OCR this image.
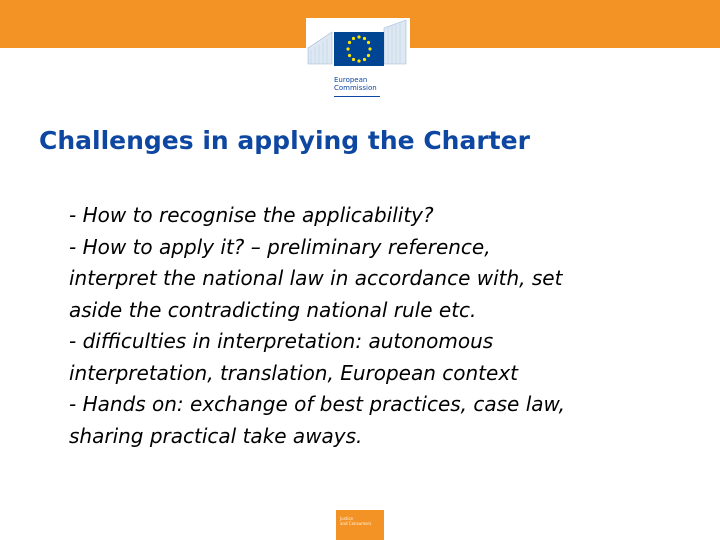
European
Commission
Challenges in applying the Charter
- How to recognise the applicability?
- How to apply it? – preliminary reference,
interpret the national law in accordance with, set
aside the contradicting national rule etc.
- difficulties in interpretation: autonomous
interpretation, translation, European context
- Hands on: exchange of best practices, case law,
sharing practical take aways.
Justice
and Consumers
